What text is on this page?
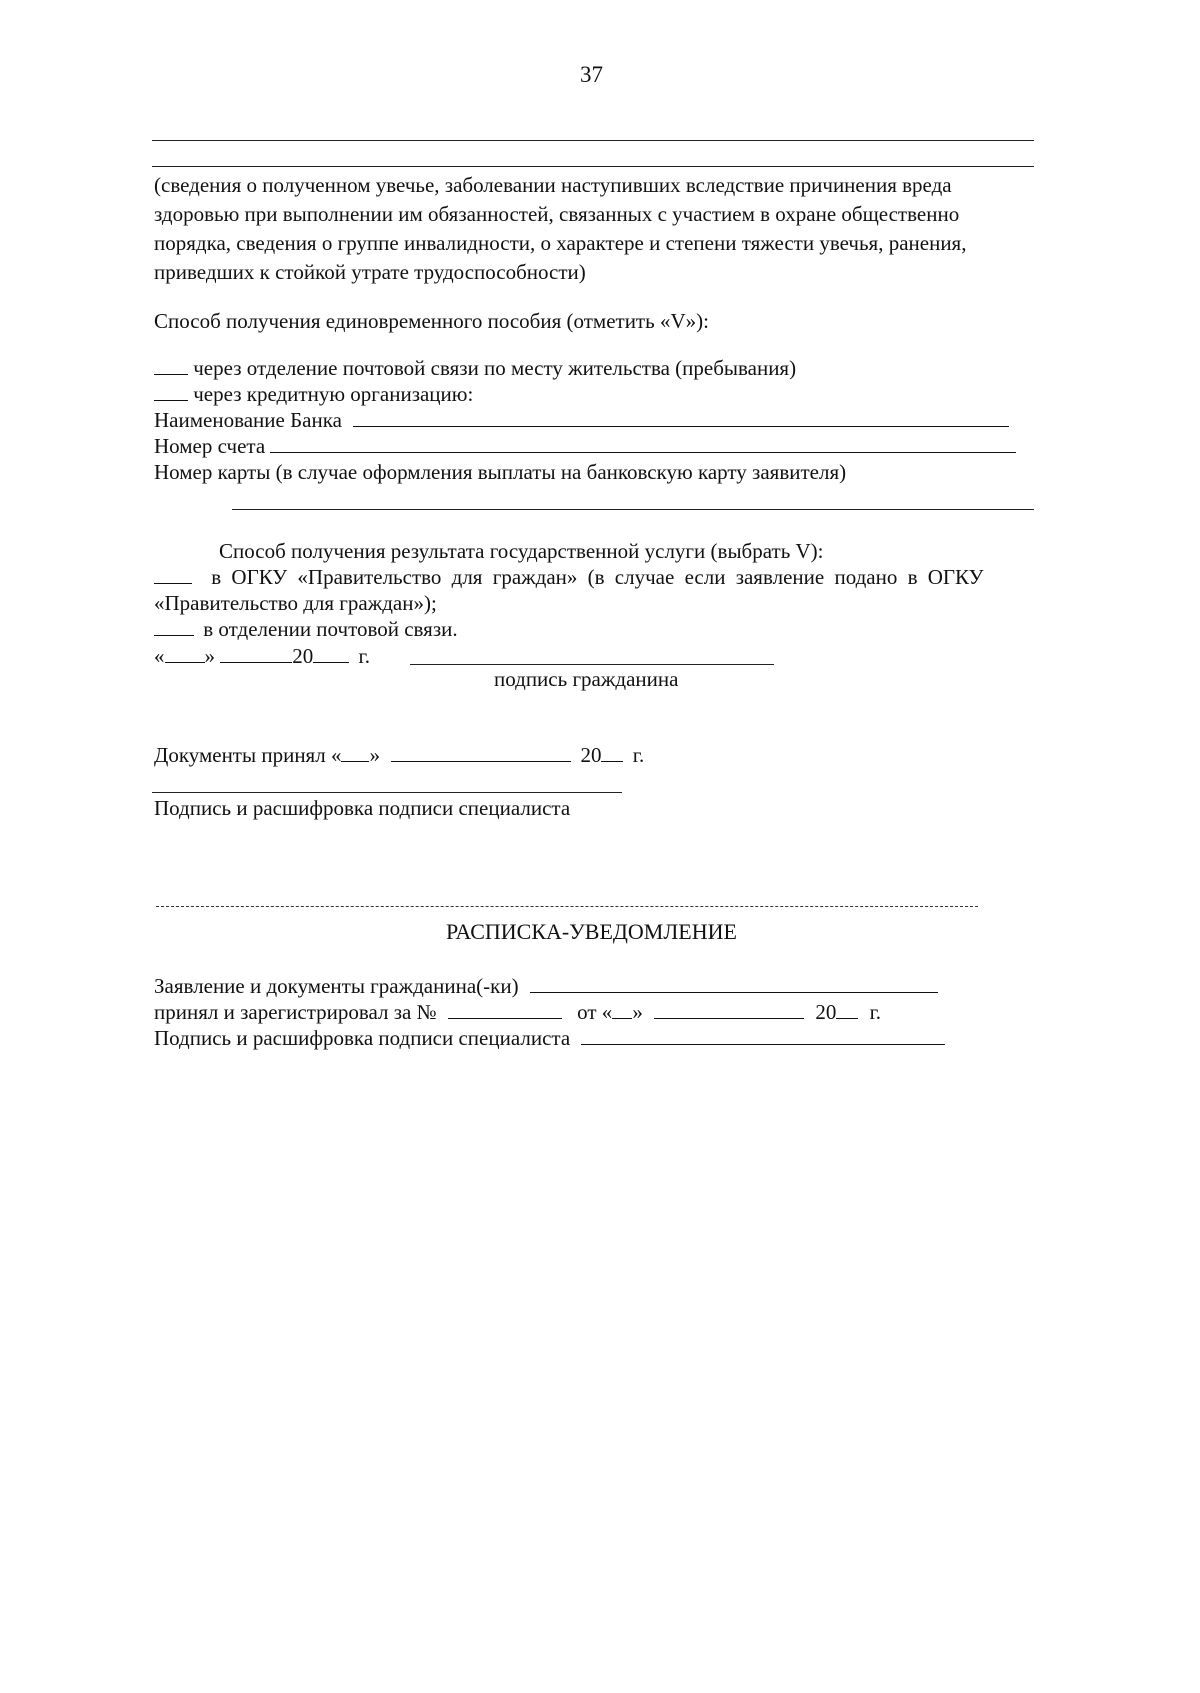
37
(сведения о полученном увечье, заболевании наступивших вследствие причинения вреда
здоровью при выполнении им обязанностей, связанных с участием в охране общественно
порядка, сведения о группе инвалидности, о характере и степени тяжести увечья, ранения,
приведших к стойкой утрате трудоспособности)
Способ получения единовременного пособия (отметить «V»):
через отделение почтовой связи по месту жительства (пребывания)
через кредитную организацию:
Наименование Банка
Номер счета
Номер карты (в случае оформления выплаты на банковскую карту заявителя)
Способ получения результата государственной услуги (выбрать V):
в ОГКУ «Правительство для граждан» (в случае если заявление подано в ОГКУ
«Правительство для граждан»);
в отделении почтовой связи.
« »	20 г.
подпись гражданина
Документы принял « »	20 г.
Подпись и расшифровка подписи специалиста
РАСПИСКА-УВЕДОМЛЕНИЕ
Заявление и документы гражданина(-ки)
принял и зарегистрировал за №	от « »	20 г.
Подпись и расшифровка подписи специалиста
